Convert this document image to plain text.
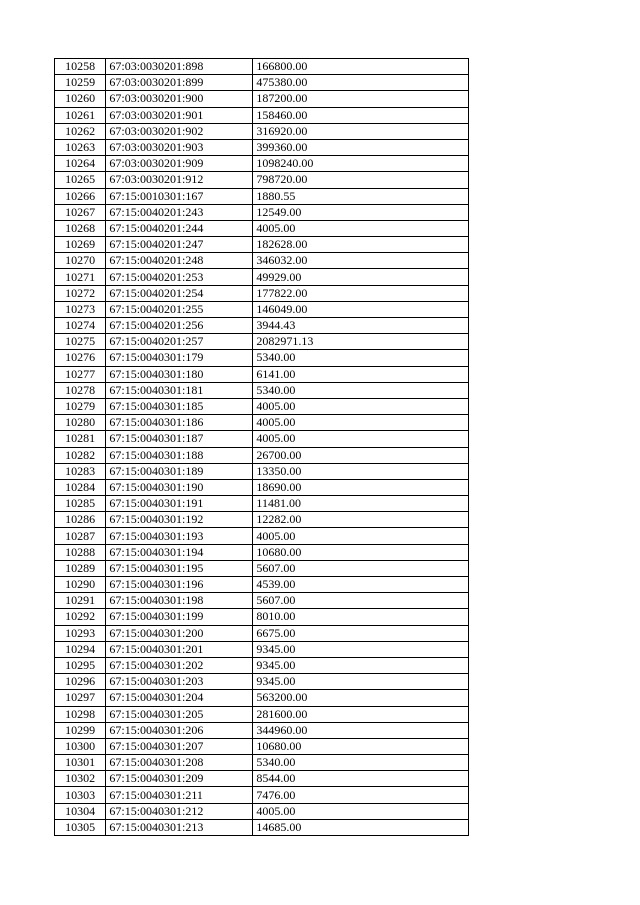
10258	67:03:0030201:898	166800.00
10259	67:03:0030201:899	475380.00
10260	67:03:0030201:900	187200.00
10261	67:03:0030201:901	158460.00
10262	67:03:0030201:902	316920.00
10263	67:03:0030201:903	399360.00
10264	67:03:0030201:909	1098240.00
10265	67:03:0030201:912	798720.00
10266	67:15:0010301:167	1880.55
10267	67:15:0040201:243	12549.00
10268	67:15:0040201:244	4005.00
10269	67:15:0040201:247	182628.00
10270	67:15:0040201:248	346032.00
10271	67:15:0040201:253	49929.00
10272	67:15:0040201:254	177822.00
10273	67:15:0040201:255	146049.00
10274	67:15:0040201:256	3944.43
10275	67:15:0040201:257	2082971.13
10276	67:15:0040301:179	5340.00
10277	67:15:0040301:180	6141.00
10278	67:15:0040301:181	5340.00
10279	67:15:0040301:185	4005.00
10280	67:15:0040301:186	4005.00
10281	67:15:0040301:187	4005.00
10282	67:15:0040301:188	26700.00
10283	67:15:0040301:189	13350.00
10284	67:15:0040301:190	18690.00
10285	67:15:0040301:191	11481.00
10286	67:15:0040301:192	12282.00
10287	67:15:0040301:193	4005.00
10288	67:15:0040301:194	10680.00
10289	67:15:0040301:195	5607.00
10290	67:15:0040301:196	4539.00
10291	67:15:0040301:198	5607.00
10292	67:15:0040301:199	8010.00
10293	67:15:0040301:200	6675.00
10294	67:15:0040301:201	9345.00
10295	67:15:0040301:202	9345.00
10296	67:15:0040301:203	9345.00
10297	67:15:0040301:204	563200.00
10298	67:15:0040301:205	281600.00
10299	67:15:0040301:206	344960.00
10300	67:15:0040301:207	10680.00
10301	67:15:0040301:208	5340.00
10302	67:15:0040301:209	8544.00
10303	67:15:0040301:211	7476.00
10304	67:15:0040301:212	4005.00
10305	67:15:0040301:213	14685.00
